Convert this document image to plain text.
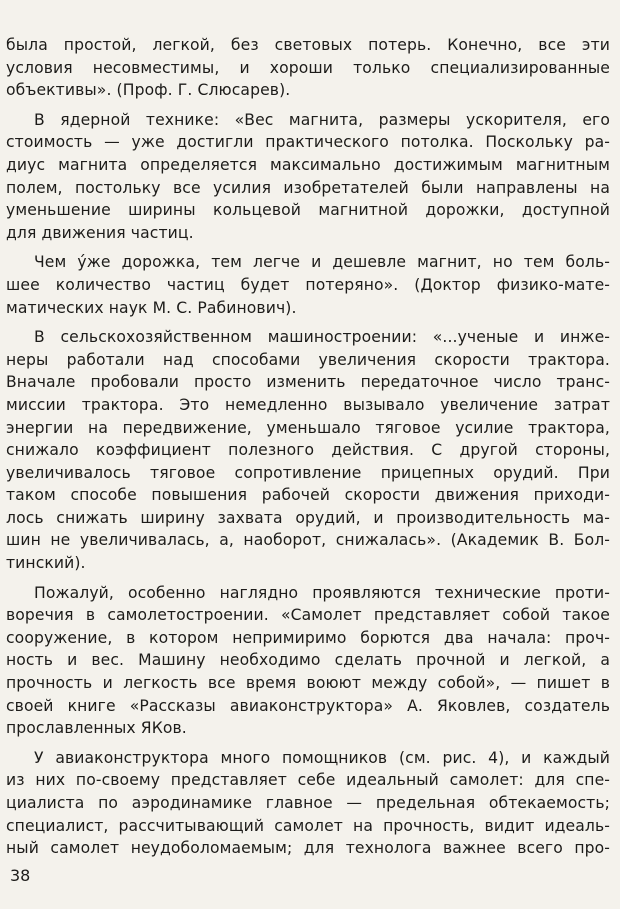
была простой, легкой, без световых потерь. Конечно, все эти
условия несовместимы, и хороши только специализированные
объективы». (Проф. Г. Слюсарев).
В ядерной технике: «Вес магнита, размеры ускорителя, его
стоимость — уже достигли практического потолка. Поскольку ра-
диус магнита определяется максимально достижимым магнитным
полем, постольку все усилия изобретателей были направлены на
уменьшение ширины кольцевой магнитной дорожки, доступной
для движения частиц.
Чем у́же дорожка, тем легче и дешевле магнит, но тем боль-
шее количество частиц будет потеряно». (Доктор физико-мате-
матических наук М. С. Рабинович).
В сельскохозяйственном машиностроении: «...ученые и инже-
неры работали над способами увеличения скорости трактора.
Вначале пробовали просто изменить передаточное число транс-
миссии трактора. Это немедленно вызывало увеличение затрат
энергии на передвижение, уменьшало тяговое усилие трактора,
снижало коэффициент полезного действия. С другой стороны,
увеличивалось тяговое сопротивление прицепных орудий. При
таком способе повышения рабочей скорости движения приходи-
лось снижать ширину захвата орудий, и производительность ма-
шин не увеличивалась, а, наоборот, снижалась». (Академик В. Бол-
тинский).
Пожалуй, особенно наглядно проявляются технические проти-
воречия в самолетостроении. «Самолет представляет собой такое
сооружение, в котором непримиримо борются два начала: проч-
ность и вес. Машину необходимо сделать прочной и легкой, а
прочность и легкость все время воюют между собой», — пишет в
своей книге «Рассказы авиаконструктора» А. Яковлев, создатель
прославленных ЯКов.
У авиаконструктора много помощников (см. рис. 4), и каждый
из них по-своему представляет себе идеальный самолет: для спе-
циалиста по аэродинамике главное — предельная обтекаемость;
специалист, рассчитывающий самолет на прочность, видит идеаль-
ный самолет неудоболомаемым; для технолога важнее всего про-
38
